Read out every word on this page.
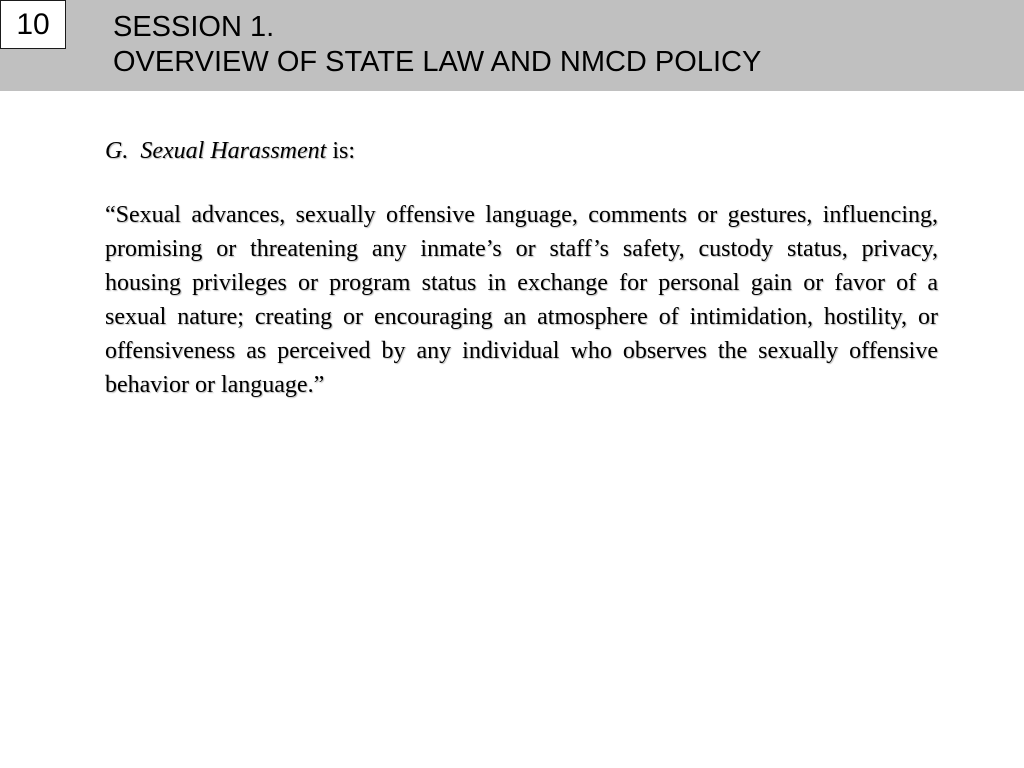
10	SESSION 1.
OVERVIEW OF STATE LAW AND NMCD POLICY

G. Sexual Harassment is:

“Sexual advances, sexually offensive language, comments or gestures, influencing, promising or threatening any inmate’s or staff’s safety, custody status, privacy, housing privileges or program status in exchange for personal gain or favor of a sexual nature; creating or encouraging an atmosphere of intimidation, hostility, or offensiveness as perceived by any individual who observes the sexually offensive behavior or language.”
